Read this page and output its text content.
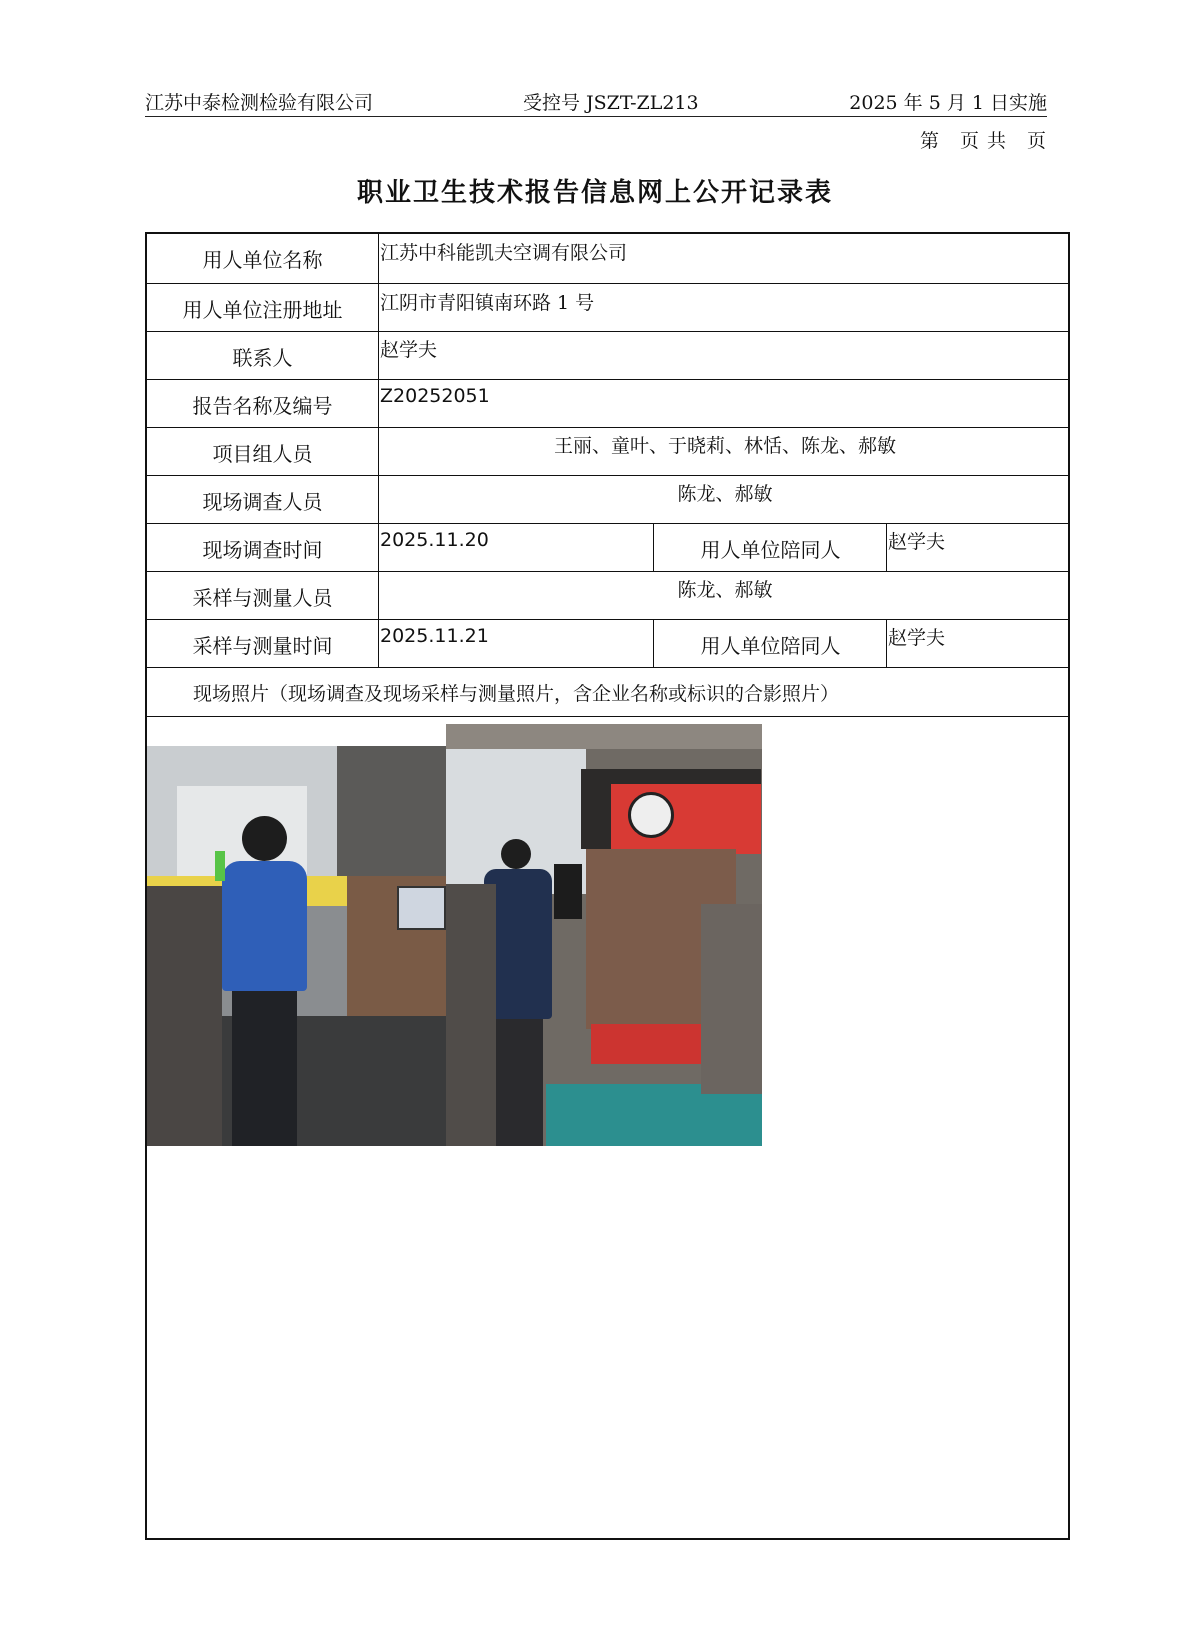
江苏中泰检测检验有限公司	受控号 JSZT-ZL213	2025 年 5 月 1 日实施
第　页 共　页
职业卫生技术报告信息网上公开记录表
用人单位名称	江苏中科能凯夫空调有限公司
用人单位注册地址	江阴市青阳镇南环路 1 号
联系人	赵学夫
报告名称及编号	Z20252051
项目组人员	王丽、童叶、于晓莉、林恬、陈龙、郝敏
现场调查人员	陈龙、郝敏
现场调查时间	2025.11.20	用人单位陪同人	赵学夫
采样与测量人员	陈龙、郝敏
采样与测量时间	2025.11.21	用人单位陪同人	赵学夫
现场照片（现场调查及现场采样与测量照片，含企业名称或标识的合影照片）
